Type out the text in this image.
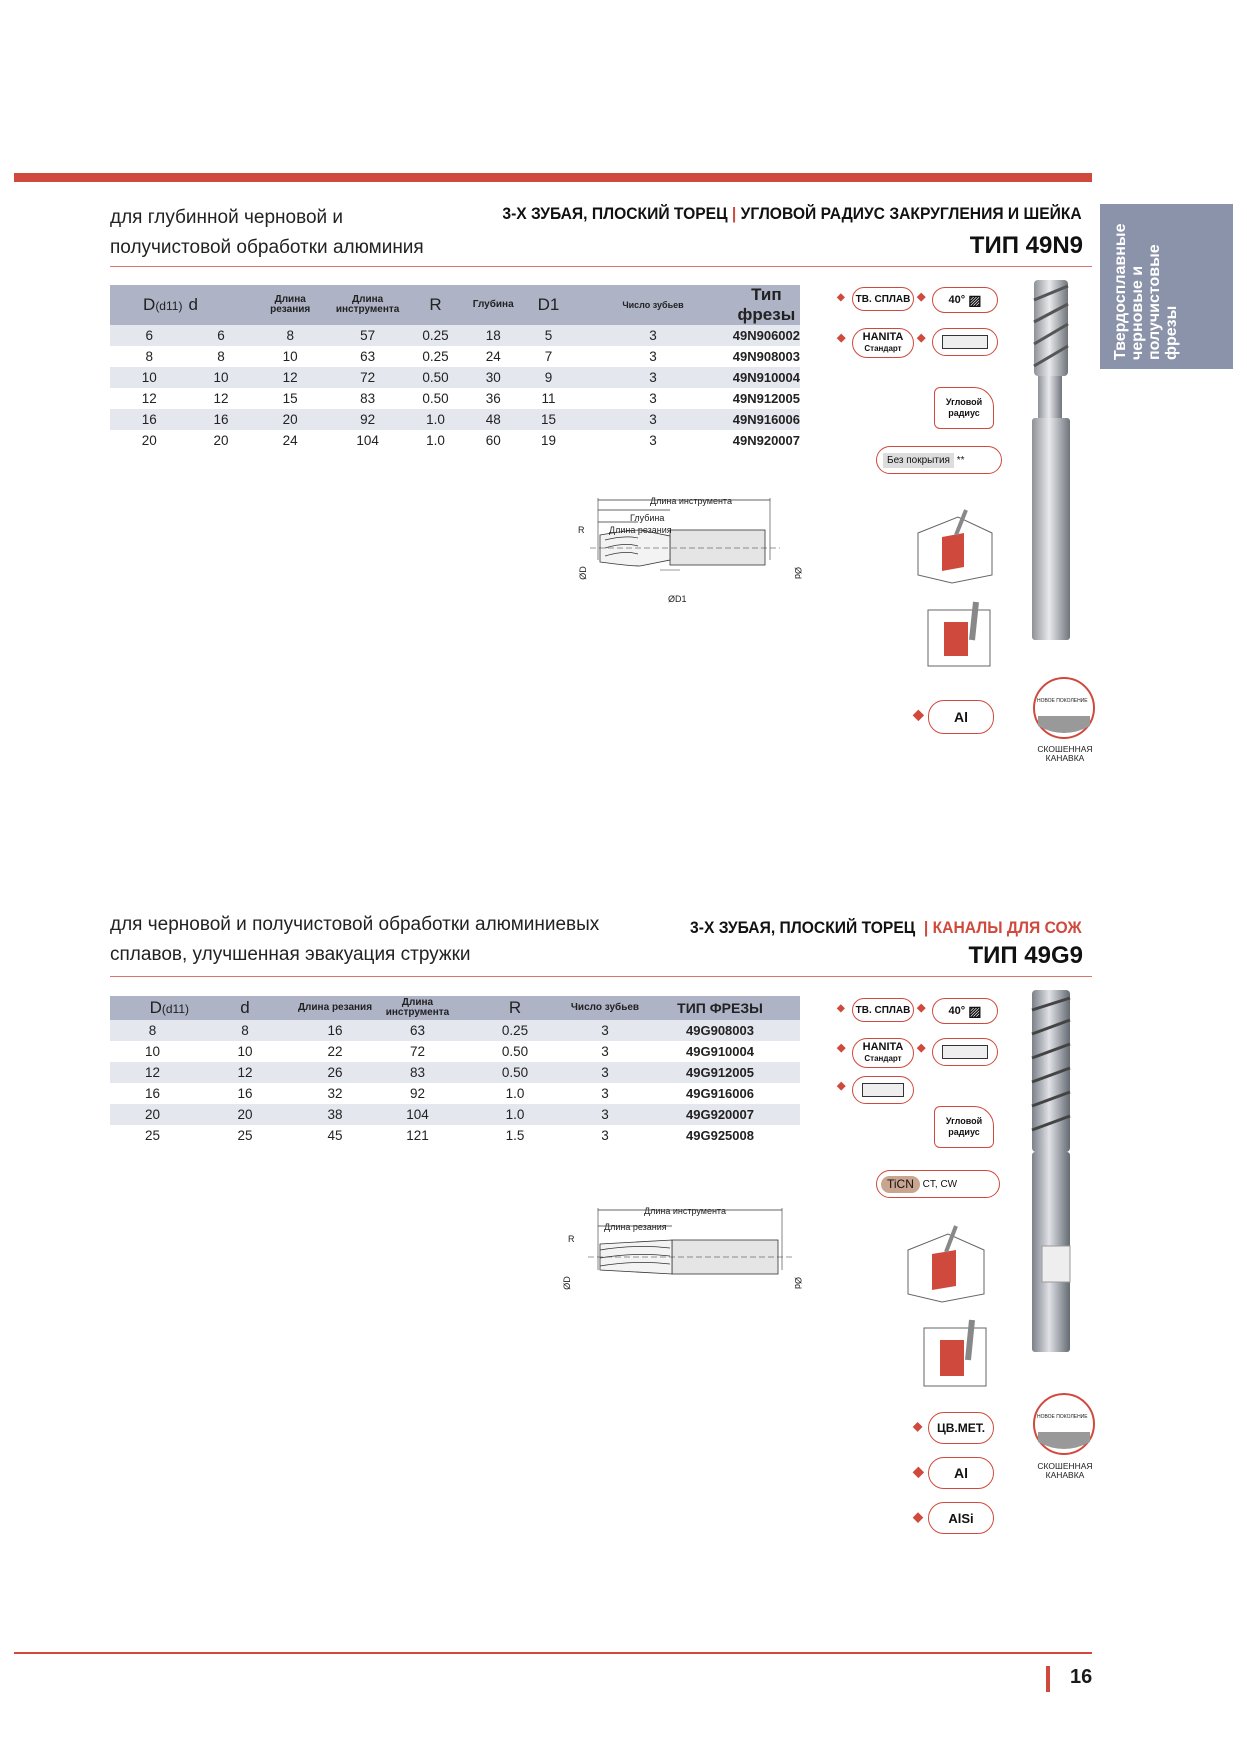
Твердосплавные черновые и получистовые фрезы
для глубинной черновой и
получистовой обработки алюминия
3-Х ЗУБАЯ, ПЛОСКИЙ ТОРЕЦ | УГЛОВОЙ РАДИУС ЗАКРУГЛЕНИЯ И ШЕЙКА
ТИП 49N9
D(d11)	d	Длина резания	Длина инструмента	R	Глубина	D1	Число зубьев	Тип фрезы
6	6	8	57	0.25	18	5	3	49N906002
8	8	10	63	0.25	24	7	3	49N908003
10	10	12	72	0.50	30	9	3	49N910004
12	12	15	83	0.50	36	11	3	49N912005
16	16	20	92	1.0	48	15	3	49N916006
20	20	24	104	1.0	60	19	3	49N920007
Длина инструмента
Глубина
Длина резания
R
ØD	Ød
ØD1
◆ ТВ. СПЛАВ ◆ 40°
▨
◆ HANITA
Стандарт
◆
Угловой радиус
Без покрытия
**
◆ Al
НОВОЕ ПОКОЛЕНИЕ
СКОШЕННАЯ КАНАВКА
для черновой и получистовой обработки алюминиевых
сплавов, улучшенная эвакуация стружки
3-Х ЗУБАЯ, ПЛОСКИЙ ТОРЕЦ | КАНАЛЫ ДЛЯ СОЖ
ТИП 49G9
D(d11)	d	Длина резания	Длина инструмента	R	Число зубьев	ТИП ФРЕЗЫ
8	8	16	63	0.25	3	49G908003
10	10	22	72	0.50	3	49G910004
12	12	26	83	0.50	3	49G912005
16	16	32	92	1.0	3	49G916006
20	20	38	104	1.0	3	49G920007
25	25	45	121	1.5	3	49G925008
Длина инструмента
Длина резания
R
ØD	Ød
◆ ТВ. СПЛАВ ◆ 40°
▨
◆ HANITA
Стандарт
◆
◆
Угловой радиус
TiCN
CT, CW
◆ ЦВ.МЕТ.
◆ Al
◆ AlSi
НОВОЕ ПОКОЛЕНИЕ
СКОШЕННАЯ КАНАВКА
16
